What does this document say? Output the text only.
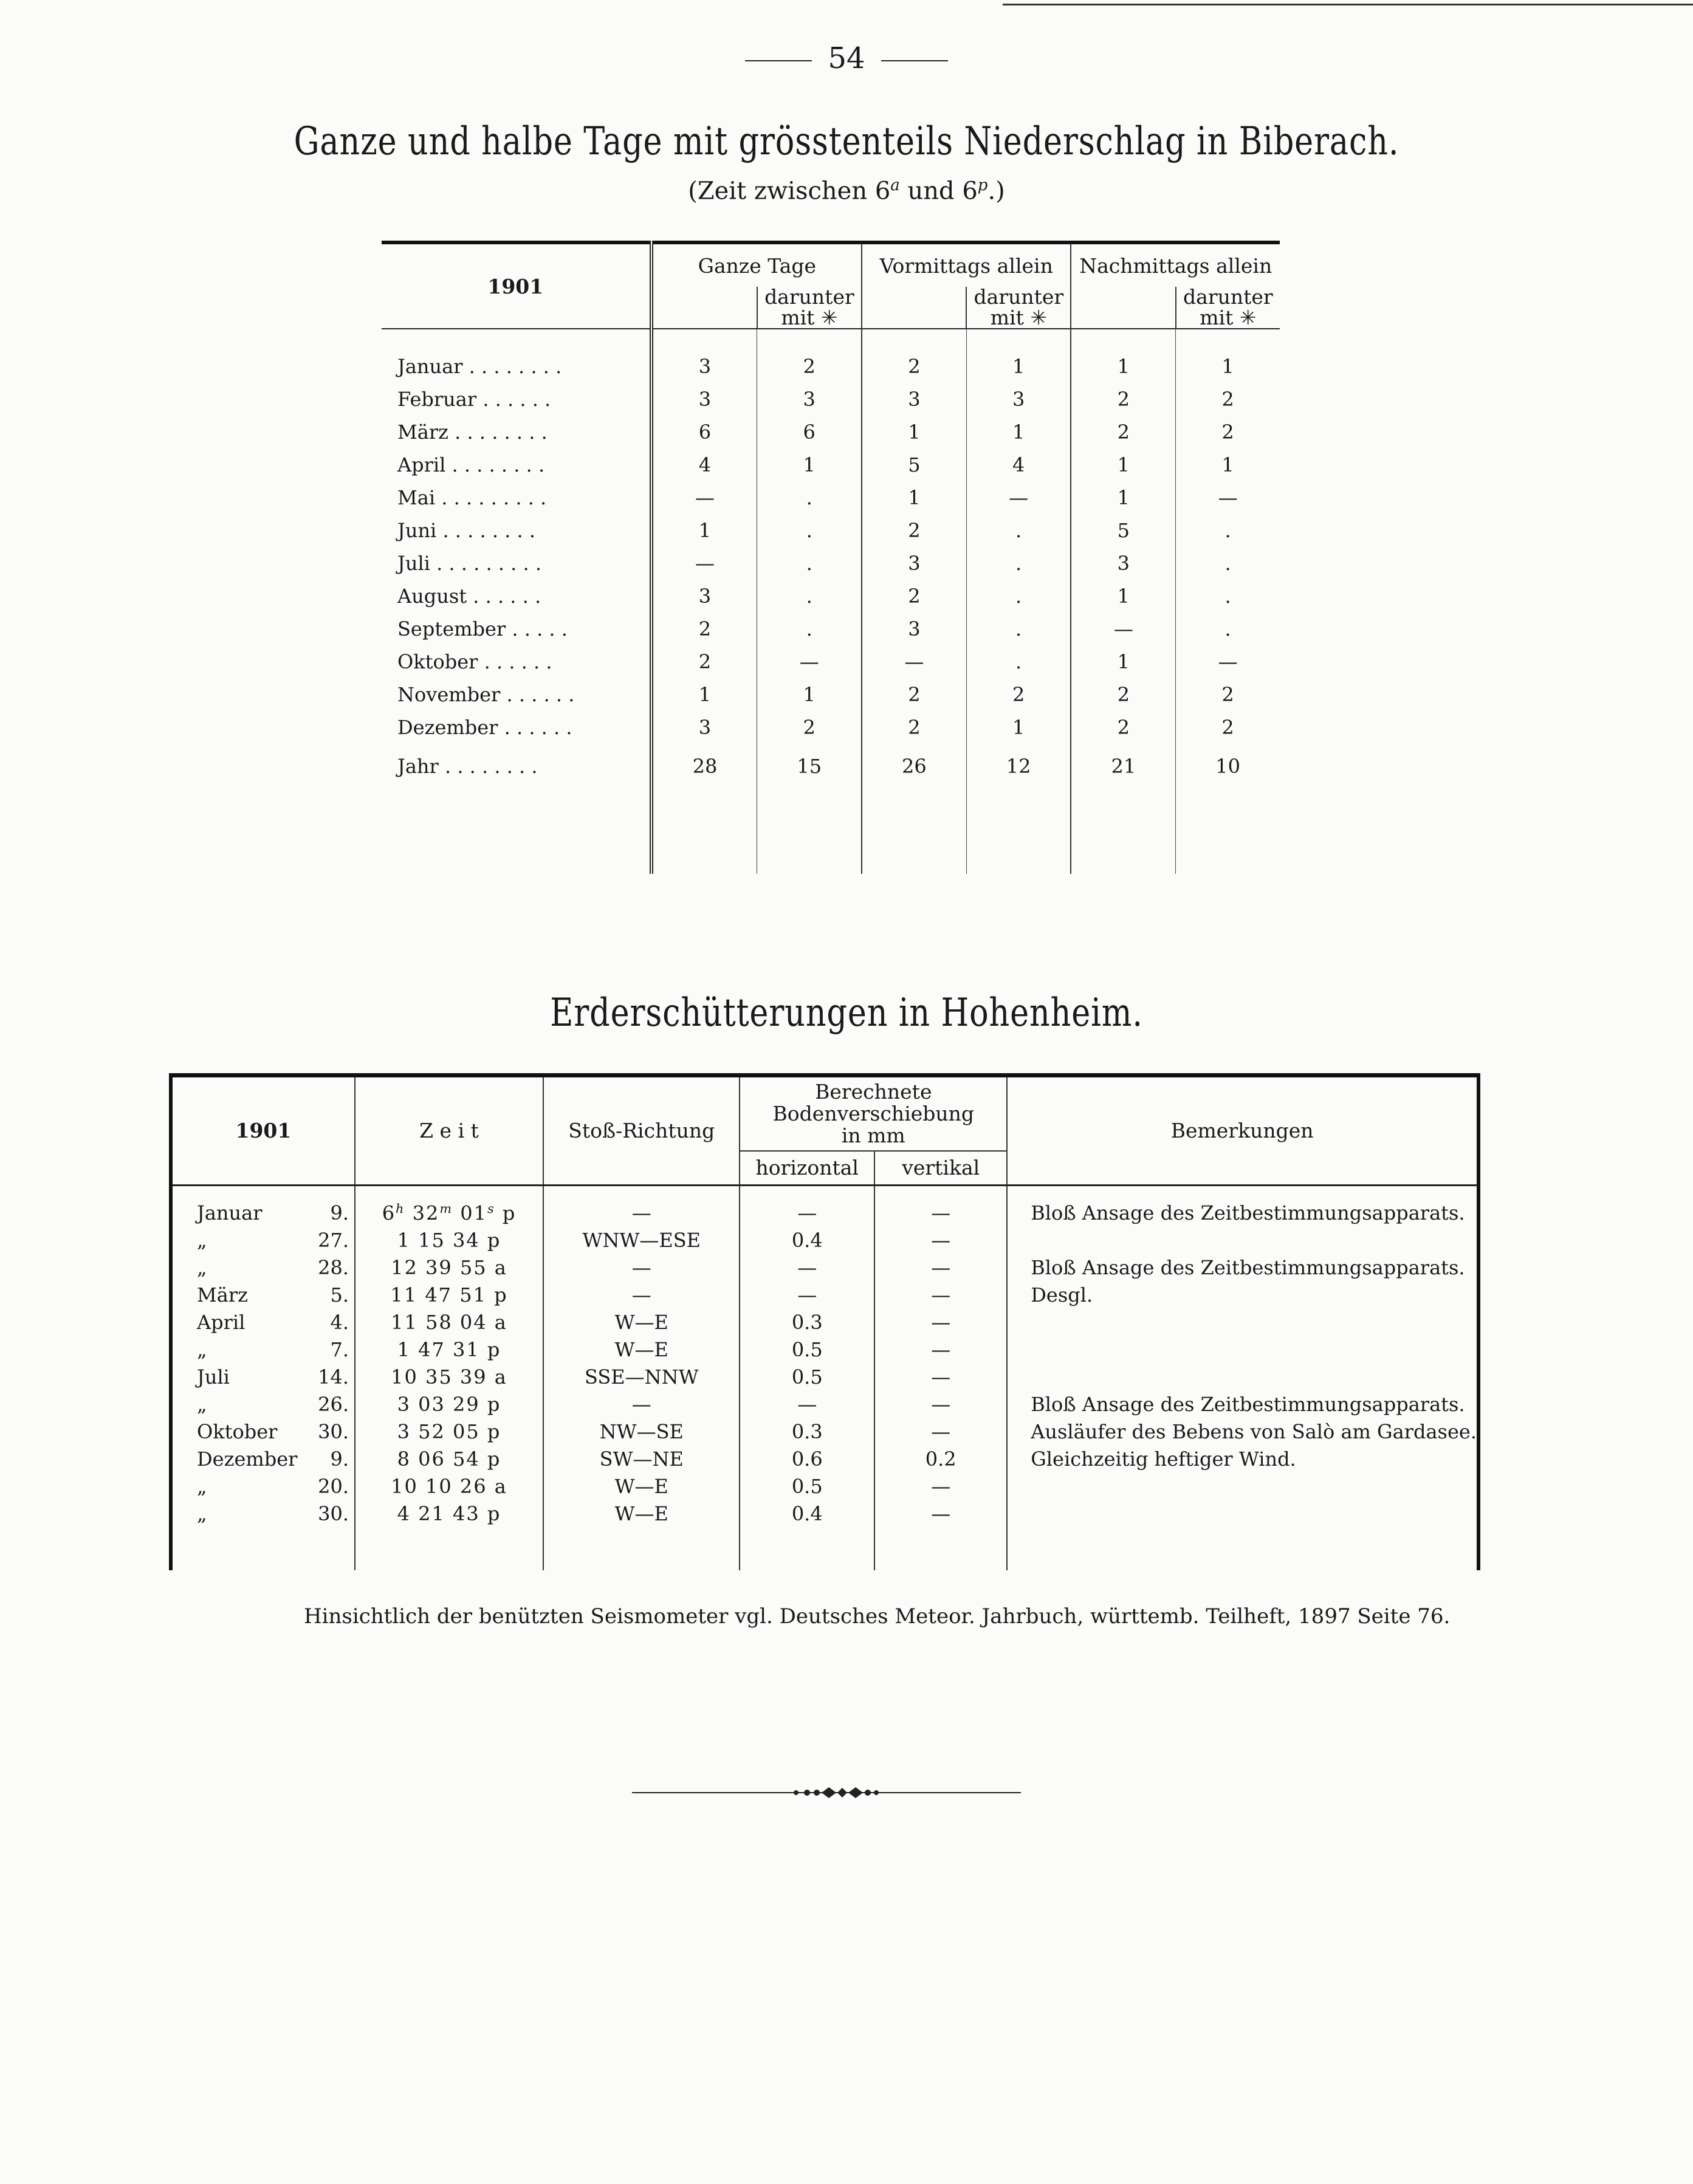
54
Ganze und halbe Tage mit grösstenteils Niederschlag in Biberach.
(Zeit zwischen 6$^a$ und 6$^p$.)
1901	Ganze Tage		Vormittags allein		Nachmittags allein	
		darunter
mit ✳		darunter
mit ✳		darunter
mit ✳
Januar . . . . . . . .	3	2	2	1	1	1
Februar . . . . . .	3	3	3	3	2	2
März . . . . . . . .	6	6	1	1	2	2
April . . . . . . . .	4	1	5	4	1	1
Mai . . . . . . . . .	—	.	1	—	1	—
Juni . . . . . . . .	1	.	2	.	5	.
Juli . . . . . . . . .	—	.	3	.	3	.
August . . . . . .	3	.	2	.	1	.
September . . . . .	2	.	3	.	—	.
Oktober . . . . . .	2	—	—	.	1	—
November . . . . . .	1	1	2	2	2	2
Dezember . . . . . .	3	2	2	1	2	2
Jahr . . . . . . . .	28	15	26	12	21	10

Erderschütterungen in Hohenheim.
1901	Z e i t	Stoß-Richtung	Berechnete
Bodenverschiebung
in mm		Bemerkungen
			horizontal	vertikal	
Januar 9.	6$^h$ 32$^m$ 01$^s$ p	—	—	—	Bloß Ansage des Zeitbestimmungsapparats.
„ 27.	1 15 34 p	WNW—ESE	0.4	—	
„ 28.	12 39 55 a	—	—	—	Bloß Ansage des Zeitbestimmungsapparats.
März 5.	11 47 51 p	—	—	—	Desgl.
April 4.	11 58 04 a	W—E	0.3	—	
„ 7.	1 47 31 p	W—E	0.5	—	
Juli 14.	10 35 39 a	SSE—NNW	0.5	—	
„ 26.	3 03 29 p	—	—	—	Bloß Ansage des Zeitbestimmungsapparats.
Oktober 30.	3 52 05 p	NW—SE	0.3	—	Ausläufer des Bebens von Salò am Gardasee.
Dezember 9.	8 06 54 p	SW—NE	0.6	0.2	Gleichzeitig heftiger Wind.
„ 20.	10 10 26 a	W—E	0.5	—	
„ 30.	4 21 43 p	W—E	0.4	—	

Hinsichtlich der benützten Seismometer vgl. Deutsches Meteor. Jahrbuch, württemb. Teilheft, 1897 Seite 76.
